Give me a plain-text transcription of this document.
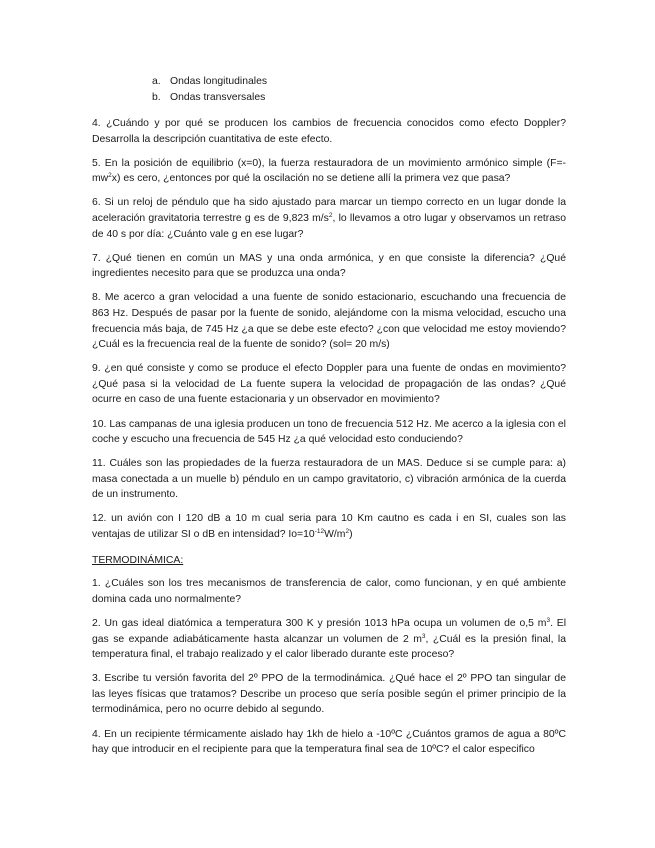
a. Ondas longitudinales
b. Ondas transversales

4. ¿Cuándo y por qué se producen los cambios de frecuencia conocidos como efecto Doppler? Desarrolla la descripción cuantitativa de este efecto.

5. En la posición de equilibrio (x=0), la fuerza restauradora de un movimiento armónico simple $(F=-mw^2x)$ es cero, ¿entonces por qué la oscilación no se detiene allí la primera vez que pasa?

6. Si un reloj de péndulo que ha sido ajustado para marcar un tiempo correcto en un lugar donde la aceleración gravitatoria terrestre g es de 9,823 $m/s^2$, lo llevamos a otro lugar y observamos un retraso de 40 s por día: ¿Cuánto vale g en ese lugar?

7. ¿Qué tienen en común un MAS y una onda armónica, y en que consiste la diferencia? ¿Qué ingredientes necesito para que se produzca una onda?

8. Me acerco a gran velocidad a una fuente de sonido estacionario, escuchando una frecuencia de 863 Hz. Después de pasar por la fuente de sonido, alejándome con la misma velocidad, escucho una frecuencia más baja, de 745 Hz ¿a que se debe este efecto? ¿con que velocidad me estoy moviendo? ¿Cuál es la frecuencia real de la fuente de sonido? (sol= 20 m/s)

9. ¿en qué consiste y como se produce el efecto Doppler para una fuente de ondas en movimiento? ¿Qué pasa si la velocidad de La fuente supera la velocidad de propagación de las ondas? ¿Qué ocurre en caso de una fuente estacionaria y un observador en movimiento?

10. Las campanas de una iglesia producen un tono de frecuencia 512 Hz. Me acerco a la iglesia con el coche y escucho una frecuencia de 545 Hz ¿a qué velocidad esto conduciendo?

11. Cuáles son las propiedades de la fuerza restauradora de un MAS. Deduce si se cumple para: a) masa conectada a un muelle b) péndulo en un campo gravitatorio, c) vibración armónica de la cuerda de un instrumento.

12. un avión con I 120 dB a 10 m cual seria para 10 Km cautno es cada i en SI, cuales son las ventajas de utilizar SI o dB en intensidad? $Io=10^{-12}W/m^2$)

TERMODINÁMICA:

1. ¿Cuáles son los tres mecanismos de transferencia de calor, como funcionan, y en qué ambiente domina cada uno normalmente?

2. Un gas ideal diatómica a temperatura 300 K y presión 1013 hPa ocupa un volumen de o,5 $m^3$. El gas se expande adiabáticamente hasta alcanzar un volumen de 2 $m^3$, ¿Cuál es la presión final, la temperatura final, el trabajo realizado y el calor liberado durante este proceso?

3. Escribe tu versión favorita del 2º PPO de la termodinámica. ¿Qué hace el 2º PPO tan singular de las leyes físicas que tratamos? Describe un proceso que sería posible según el primer principio de la termodinámica, pero no ocurre debido al segundo.

4. En un recipiente térmicamente aislado hay 1kh de hielo a -10ºC ¿Cuántos gramos de agua a 80ºC hay que introducir en el recipiente para que la temperatura final sea de 10ºC? el calor especifico
